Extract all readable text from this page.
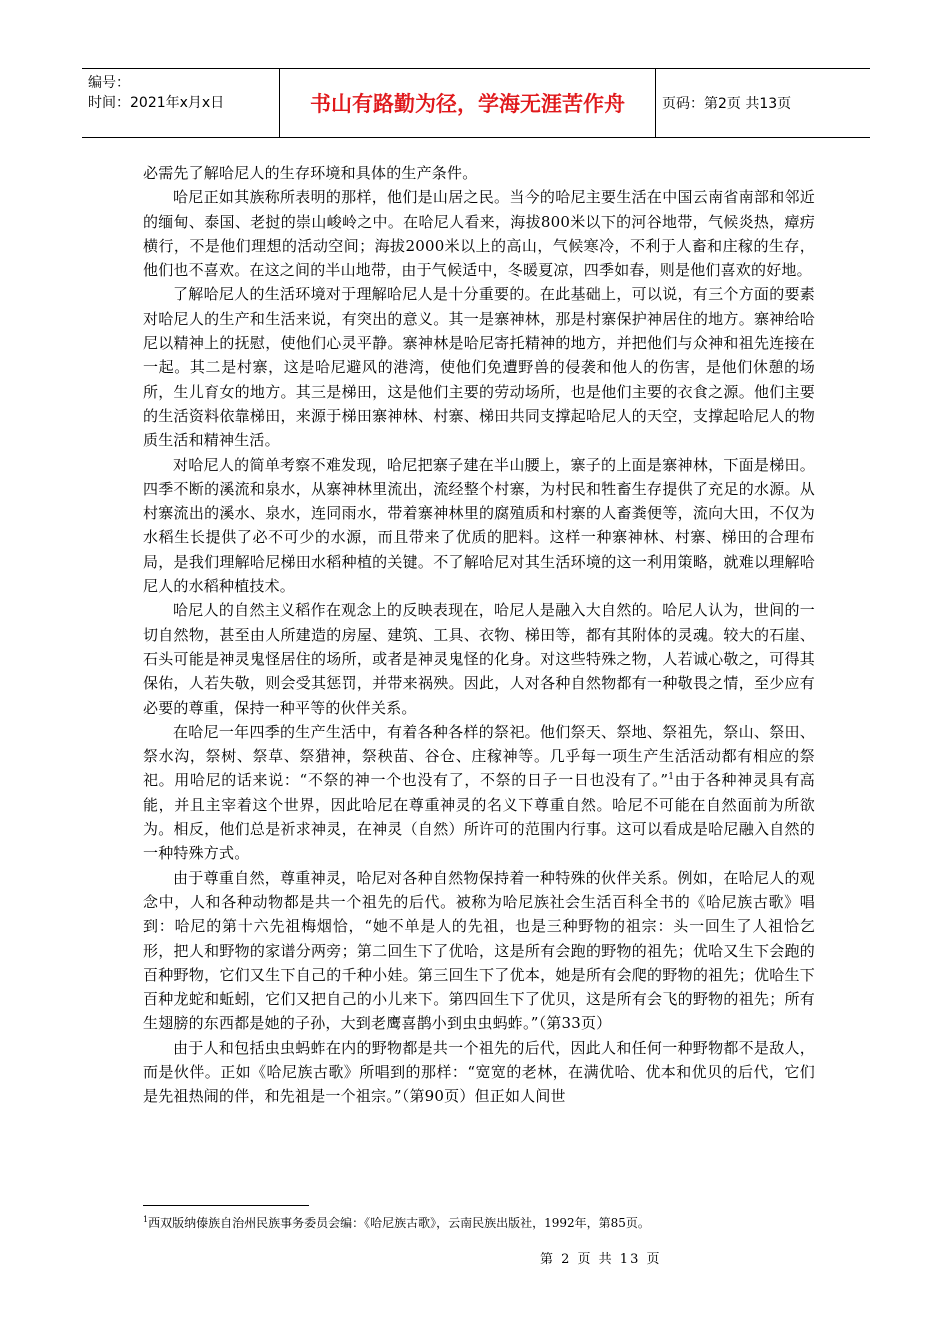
编号：
时间：2021年x月x日	书山有路勤为径，学海无涯苦作舟	页码：第2页 共13页

必需先了解哈尼人的生存环境和具体的生产条件。

哈尼正如其族称所表明的那样，他们是山居之民。当今的哈尼主要生活在中国云南省南部和邻近的缅甸、泰国、老挝的崇山峻岭之中。在哈尼人看来，海拔800米以下的河谷地带，气候炎热，瘴疠横行，不是他们理想的活动空间；海拔2000米以上的高山，气候寒冷，不利于人畜和庄稼的生存，他们也不喜欢。在这之间的半山地带，由于气候适中，冬暖夏凉，四季如春，则是他们喜欢的好地。

了解哈尼人的生活环境对于理解哈尼人是十分重要的。在此基础上，可以说，有三个方面的要素对哈尼人的生产和生活来说，有突出的意义。其一是寨神林，那是村寨保护神居住的地方。寨神给哈尼以精神上的抚慰，使他们心灵平静。寨神林是哈尼寄托精神的地方，并把他们与众神和祖先连接在一起。其二是村寨，这是哈尼避风的港湾，使他们免遭野兽的侵袭和他人的伤害，是他们休憩的场所，生儿育女的地方。其三是梯田，这是他们主要的劳动场所，也是他们主要的衣食之源。他们主要的生活资料依靠梯田，来源于梯田寨神林、村寨、梯田共同支撑起哈尼人的天空，支撑起哈尼人的物质生活和精神生活。

对哈尼人的简单考察不难发现，哈尼把寨子建在半山腰上，寨子的上面是寨神林，下面是梯田。四季不断的溪流和泉水，从寨神林里流出，流经整个村寨，为村民和牲畜生存提供了充足的水源。从村寨流出的溪水、泉水，连同雨水，带着寨神林里的腐殖质和村寨的人畜粪便等，流向大田，不仅为水稻生长提供了必不可少的水源，而且带来了优质的肥料。这样一种寨神林、村寨、梯田的合理布局，是我们理解哈尼梯田水稻种植的关键。不了解哈尼对其生活环境的这一利用策略，就难以理解哈尼人的水稻种植技术。

哈尼人的自然主义稻作在观念上的反映表现在，哈尼人是融入大自然的。哈尼人认为，世间的一切自然物，甚至由人所建造的房屋、建筑、工具、衣物、梯田等，都有其附体的灵魂。较大的石崖、石头可能是神灵鬼怪居住的场所，或者是神灵鬼怪的化身。对这些特殊之物，人若诚心敬之，可得其保佑，人若失敬，则会受其惩罚，并带来祸殃。因此，人对各种自然物都有一种敬畏之情，至少应有必要的尊重，保持一种平等的伙伴关系。

在哈尼一年四季的生产生活中，有着各种各样的祭祀。他们祭天、祭地、祭祖先，祭山、祭田、祭水沟，祭树、祭草、祭猎神，祭秧苗、谷仓、庄稼神等。几乎每一项生产生活活动都有相应的祭祀。用哈尼的话来说：“不祭的神一个也没有了，不祭的日子一日也没有了。”$^1$由于各种神灵具有高能，并且主宰着这个世界，因此哈尼在尊重神灵的名义下尊重自然。哈尼不可能在自然面前为所欲为。相反，他们总是祈求神灵，在神灵（自然）所许可的范围内行事。这可以看成是哈尼融入自然的一种特殊方式。

由于尊重自然，尊重神灵，哈尼对各种自然物保持着一种特殊的伙伴关系。例如，在哈尼人的观念中，人和各种动物都是共一个祖先的后代。被称为哈尼族社会生活百科全书的《哈尼族古歌》唱到：哈尼的第十六先祖梅烟恰，“她不单是人的先祖，也是三种野物的祖宗：头一回生了人祖恰乞形，把人和野物的家谱分两旁；第二回生下了优哈，这是所有会跑的野物的祖先；优哈又生下会跑的百种野物，它们又生下自己的千种小娃。第三回生下了优本，她是所有会爬的野物的祖先；优哈生下百种龙蛇和蚯蚓，它们又把自己的小儿来下。第四回生下了优贝，这是所有会飞的野物的祖先；所有生翅膀的东西都是她的子孙，大到老鹰喜鹊小到虫虫蚂蚱。”（第33页）

由于人和包括虫虫蚂蚱在内的野物都是共一个祖先的后代，因此人和任何一种野物都不是敌人，而是伙伴。正如《哈尼族古歌》所唱到的那样：“宽宽的老林，在满优哈、优本和优贝的后代，它们是先祖热闹的伴，和先祖是一个祖宗。”（第90页）但正如人间世

$^1$西双版纳傣族自治州民族事务委员会编：《哈尼族古歌》，云南民族出版社，1992年，第85页。
第 2 页 共 13 页
